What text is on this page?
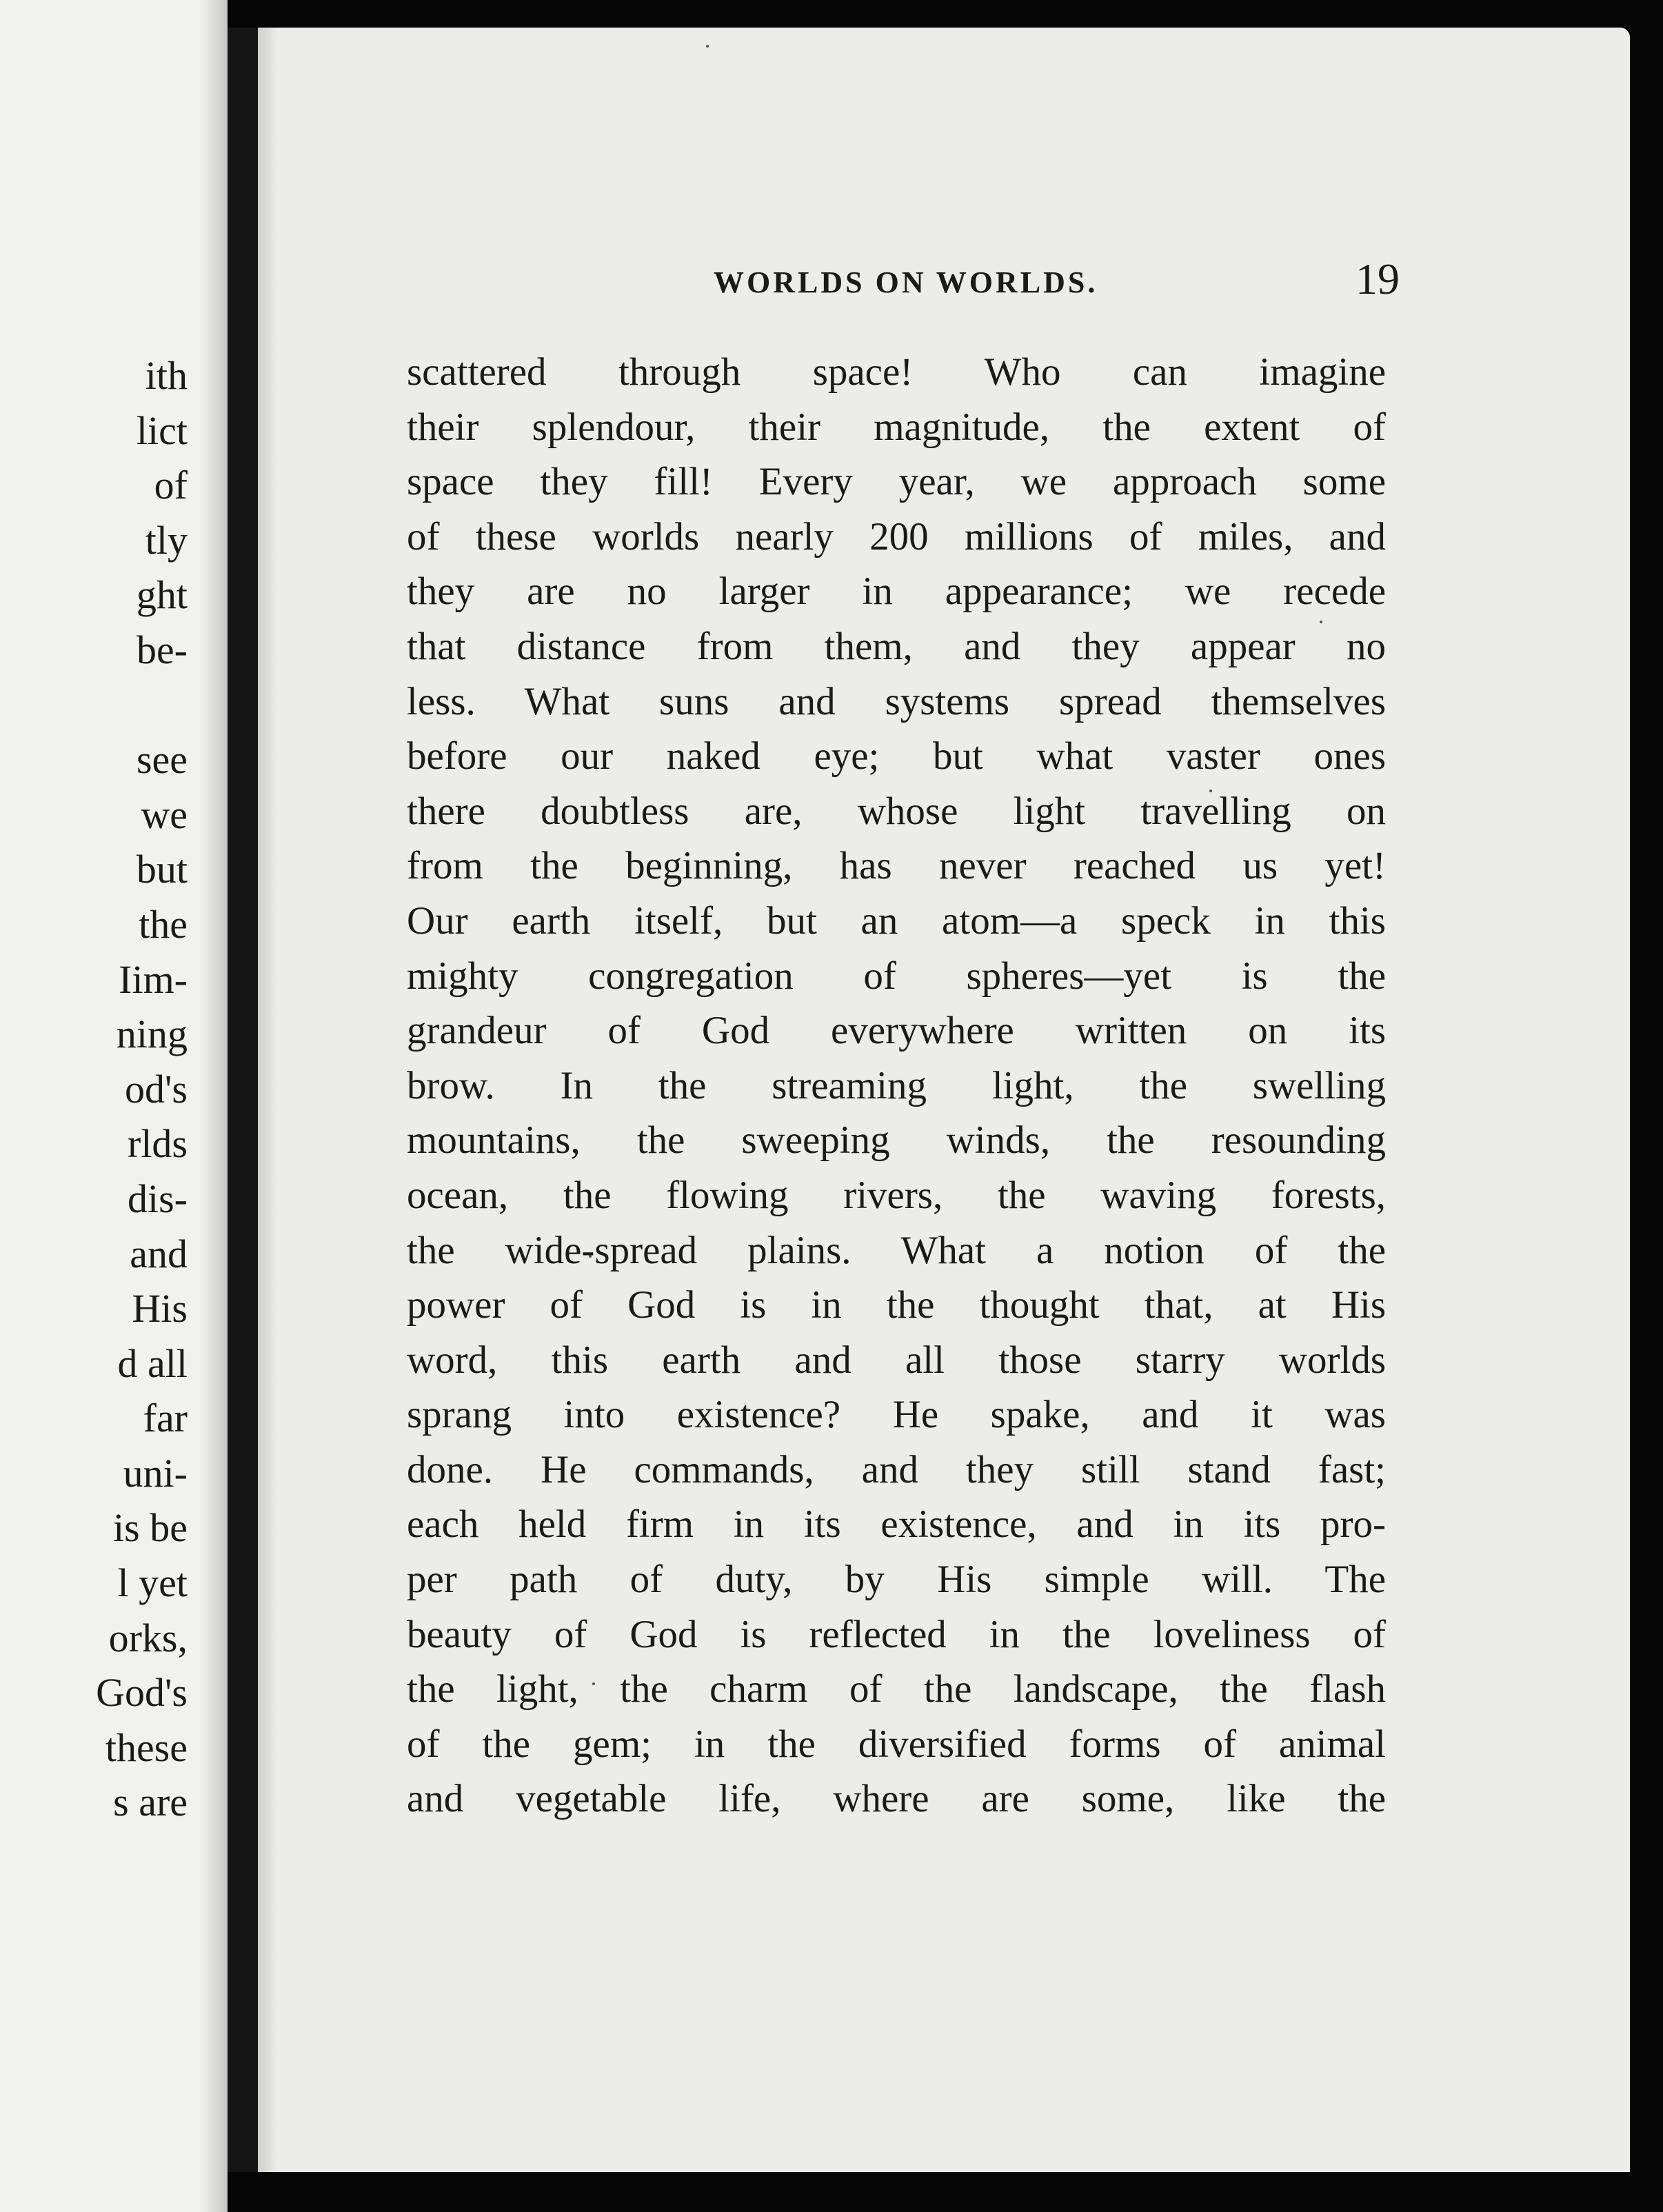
ith
lict
of
tly
ght
be-
see
we
but
the
Iim-
ning
od's
rlds
dis-
and
His
d all
far
uni-
is be
l yet
orks,
God's
these
s are
WORLDS ON WORLDS.	19
scattered through space! Who can imagine
their splendour, their magnitude, the extent of
space they fill! Every year, we approach some
of these worlds nearly 200 millions of miles, and
they are no larger in appearance; we recede
that distance from them, and they appear no
less. What suns and systems spread themselves
before our naked eye; but what vaster ones
there doubtless are, whose light travelling on
from the beginning, has never reached us yet!
Our earth itself, but an atom—a speck in this
mighty congregation of spheres—yet is the
grandeur of God everywhere written on its
brow. In the streaming light, the swelling
mountains, the sweeping winds, the resounding
ocean, the flowing rivers, the waving forests,
the wide-spread plains. What a notion of the
power of God is in the thought that, at His
word, this earth and all those starry worlds
sprang into existence? He spake, and it was
done. He commands, and they still stand fast;
each held firm in its existence, and in its pro-
per path of duty, by His simple will. The
beauty of God is reflected in the loveliness of
the light, the charm of the landscape, the flash
of the gem; in the diversified forms of animal
and vegetable life, where are some, like the
